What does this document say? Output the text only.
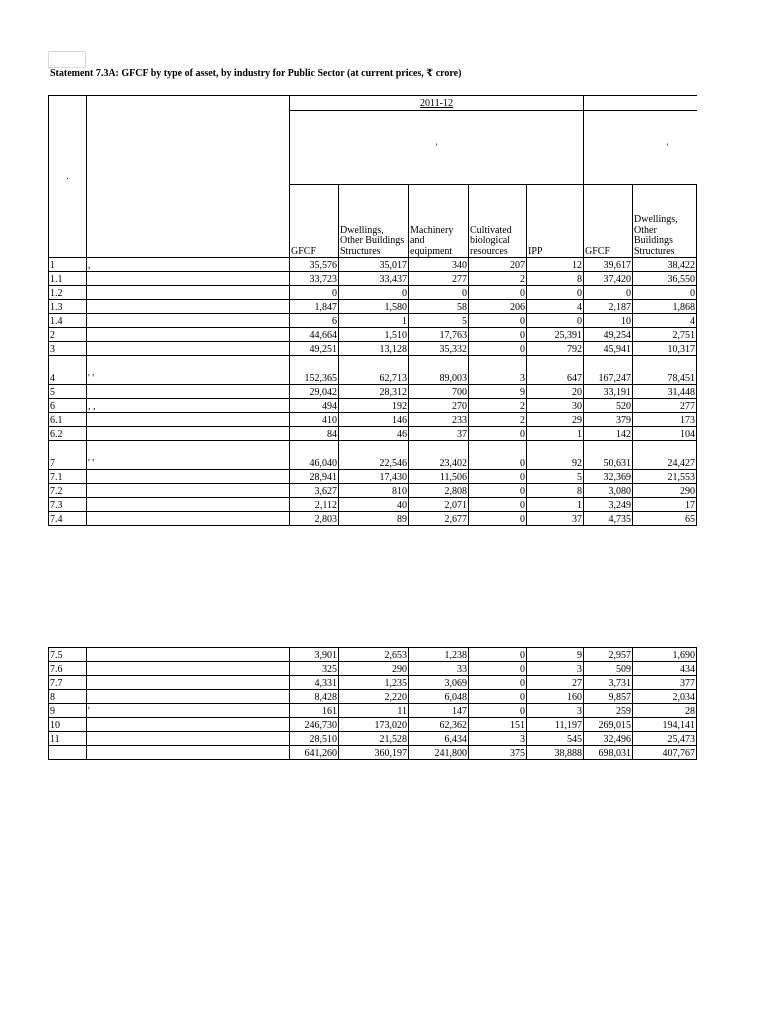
Statement 7.3A: GFCF by type of asset, by industry for Public Sector (at current prices, ₹ crore)
.		2011-12						
		'					'	
		GFCF	Dwellings, Other Buildings Structures	Machinery and equipment	Cultivated biological resources	IPP	GFCF	Dwellings, Other Buildings Structures
1	,	35,576	35,017	340	207	12	39,617	38,422
1.1		33,723	33,437	277	2	8	37,420	36,550
1.2		0	0	0	0	0	0	0
1.3		1,847	1,580	58	206	4	2,187	1,868
1.4		6	1	5	0	0	10	4
2		44,664	1,510	17,763	0	25,391	49,254	2,751
3		49,251	13,128	35,332	0	792	45,941	10,317
4	' '	152,365	62,713	89,003	3	647	167,247	78,451
5		29,042	28,312	700	9	20	33,191	31,448
6	, ,	494	192	270	2	30	520	277
6.1		410	146	233	2	29	379	173
6.2		84	46	37	0	1	142	104
7	' '	46,040	22,546	23,402	0	92	50,631	24,427
7.1		28,941	17,430	11,506	0	5	32,369	21,553
7.2		3,627	810	2,808	0	8	3,080	290
7.3		2,112	40	2,071	0	1	3,249	17
7.4		2,803	89	2,677	0	37	4,735	65
7.5		3,901	2,653	1,238	0	9	2,957	1,690
7.6		325	290	33	0	3	509	434
7.7		4,331	1,235	3,069	0	27	3,731	377
8		8,428	2,220	6,048	0	160	9,857	2,034
9	'	161	11	147	0	3	259	28
10		246,730	173,020	62,362	151	11,197	269,015	194,141
11		28,510	21,528	6,434	3	545	32,496	25,473
		641,260	360,197	241,800	375	38,888	698,031	407,767
